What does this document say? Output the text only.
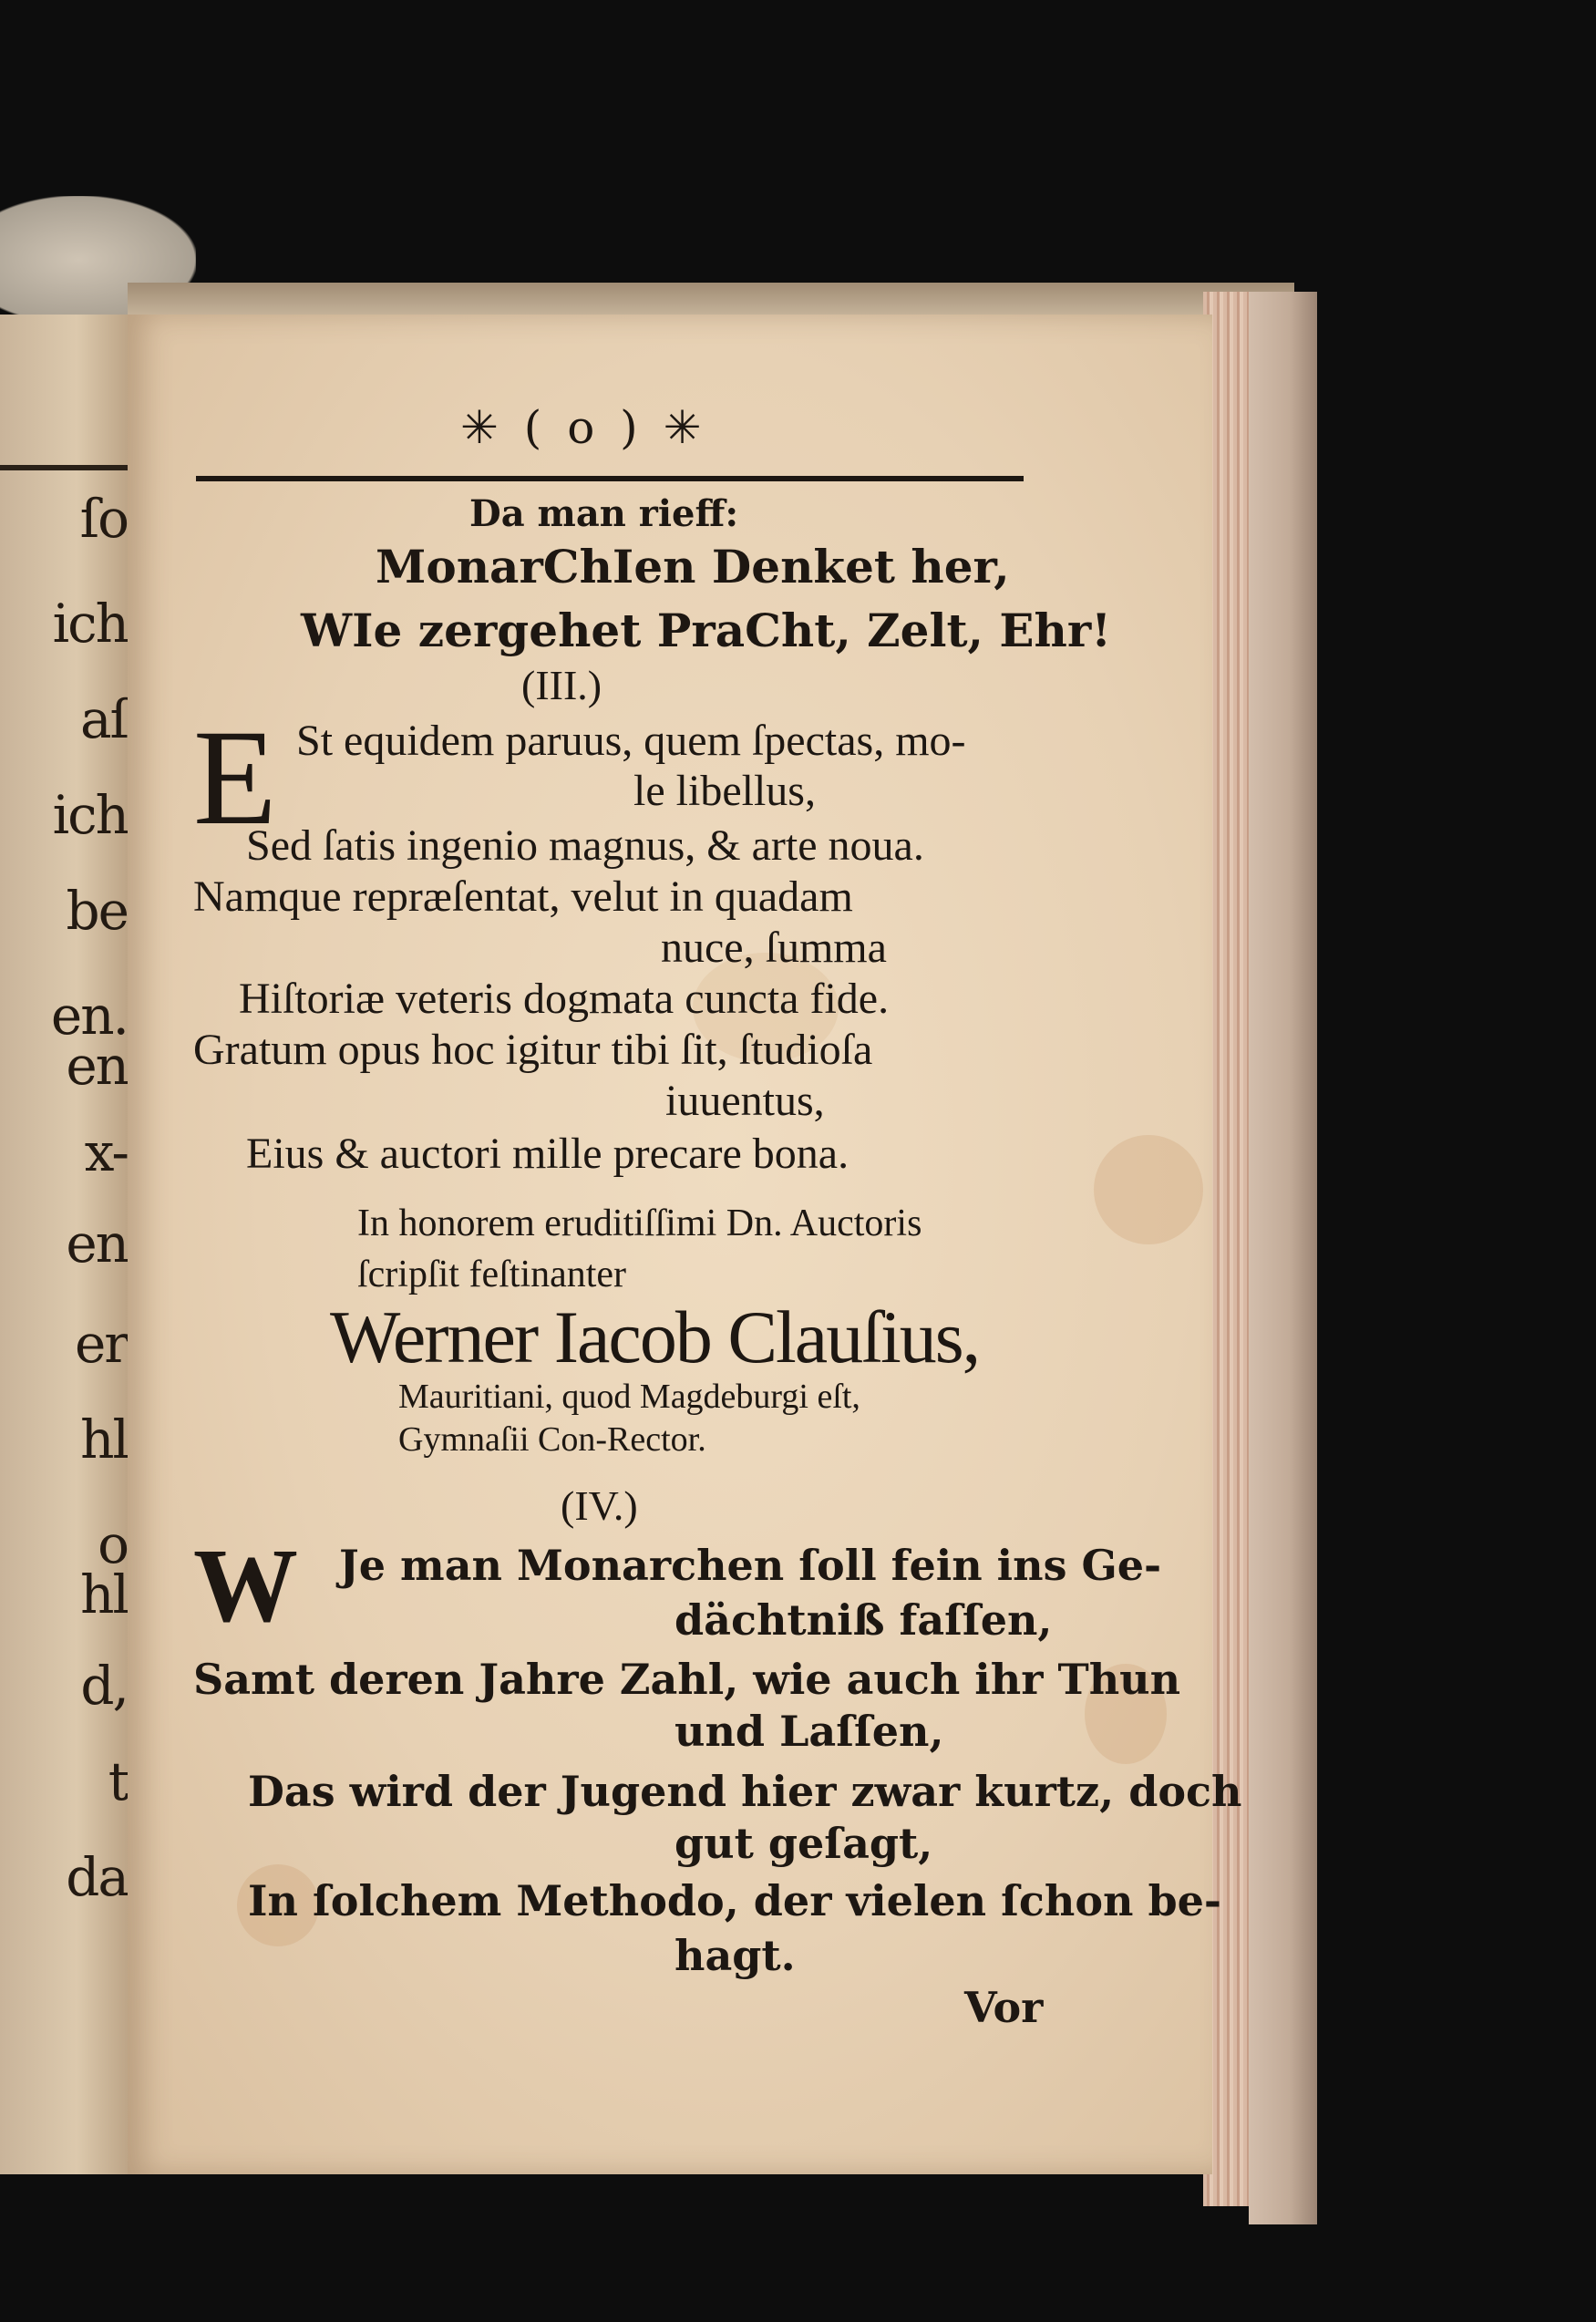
ſo
ich
aſ
ich
be
en.
en
x-
en
er
hl
o
hl
d,
t
da
✳ ( o ) ✳
Da man rieff:
MonarChIen Denket her,
WIe zergehet PraCht, Zelt, Ehr!
(III.)
E St equidem paruus, quem ſpectas, mo-
le libellus,
Sed ſatis ingenio magnus, & arte noua.
Namque repræſentat, velut in quadam
nuce, ſumma
Hiſtoriæ veteris dogmata cuncta fide.
Gratum opus hoc igitur tibi ſit, ſtudioſa
iuuentus,
Eius & auctori mille precare bona.
In honorem eruditiſſimi Dn. Auctoris
ſcripſit feſtinanter
Werner Iacob Clauſius,
Mauritiani, quod Magdeburgi eſt,
Gymnaſii Con-Rector.
(IV.)
W Je man Monarchen ſoll fein ins Ge-
dächtniß faſſen,
Samt deren Jahre Zahl, wie auch ihr Thun
und Laſſen,
Das wird der Jugend hier zwar kurtz, doch
gut geſagt,
In ſolchem Methodo, der vielen ſchon be-
hagt.
Vor
